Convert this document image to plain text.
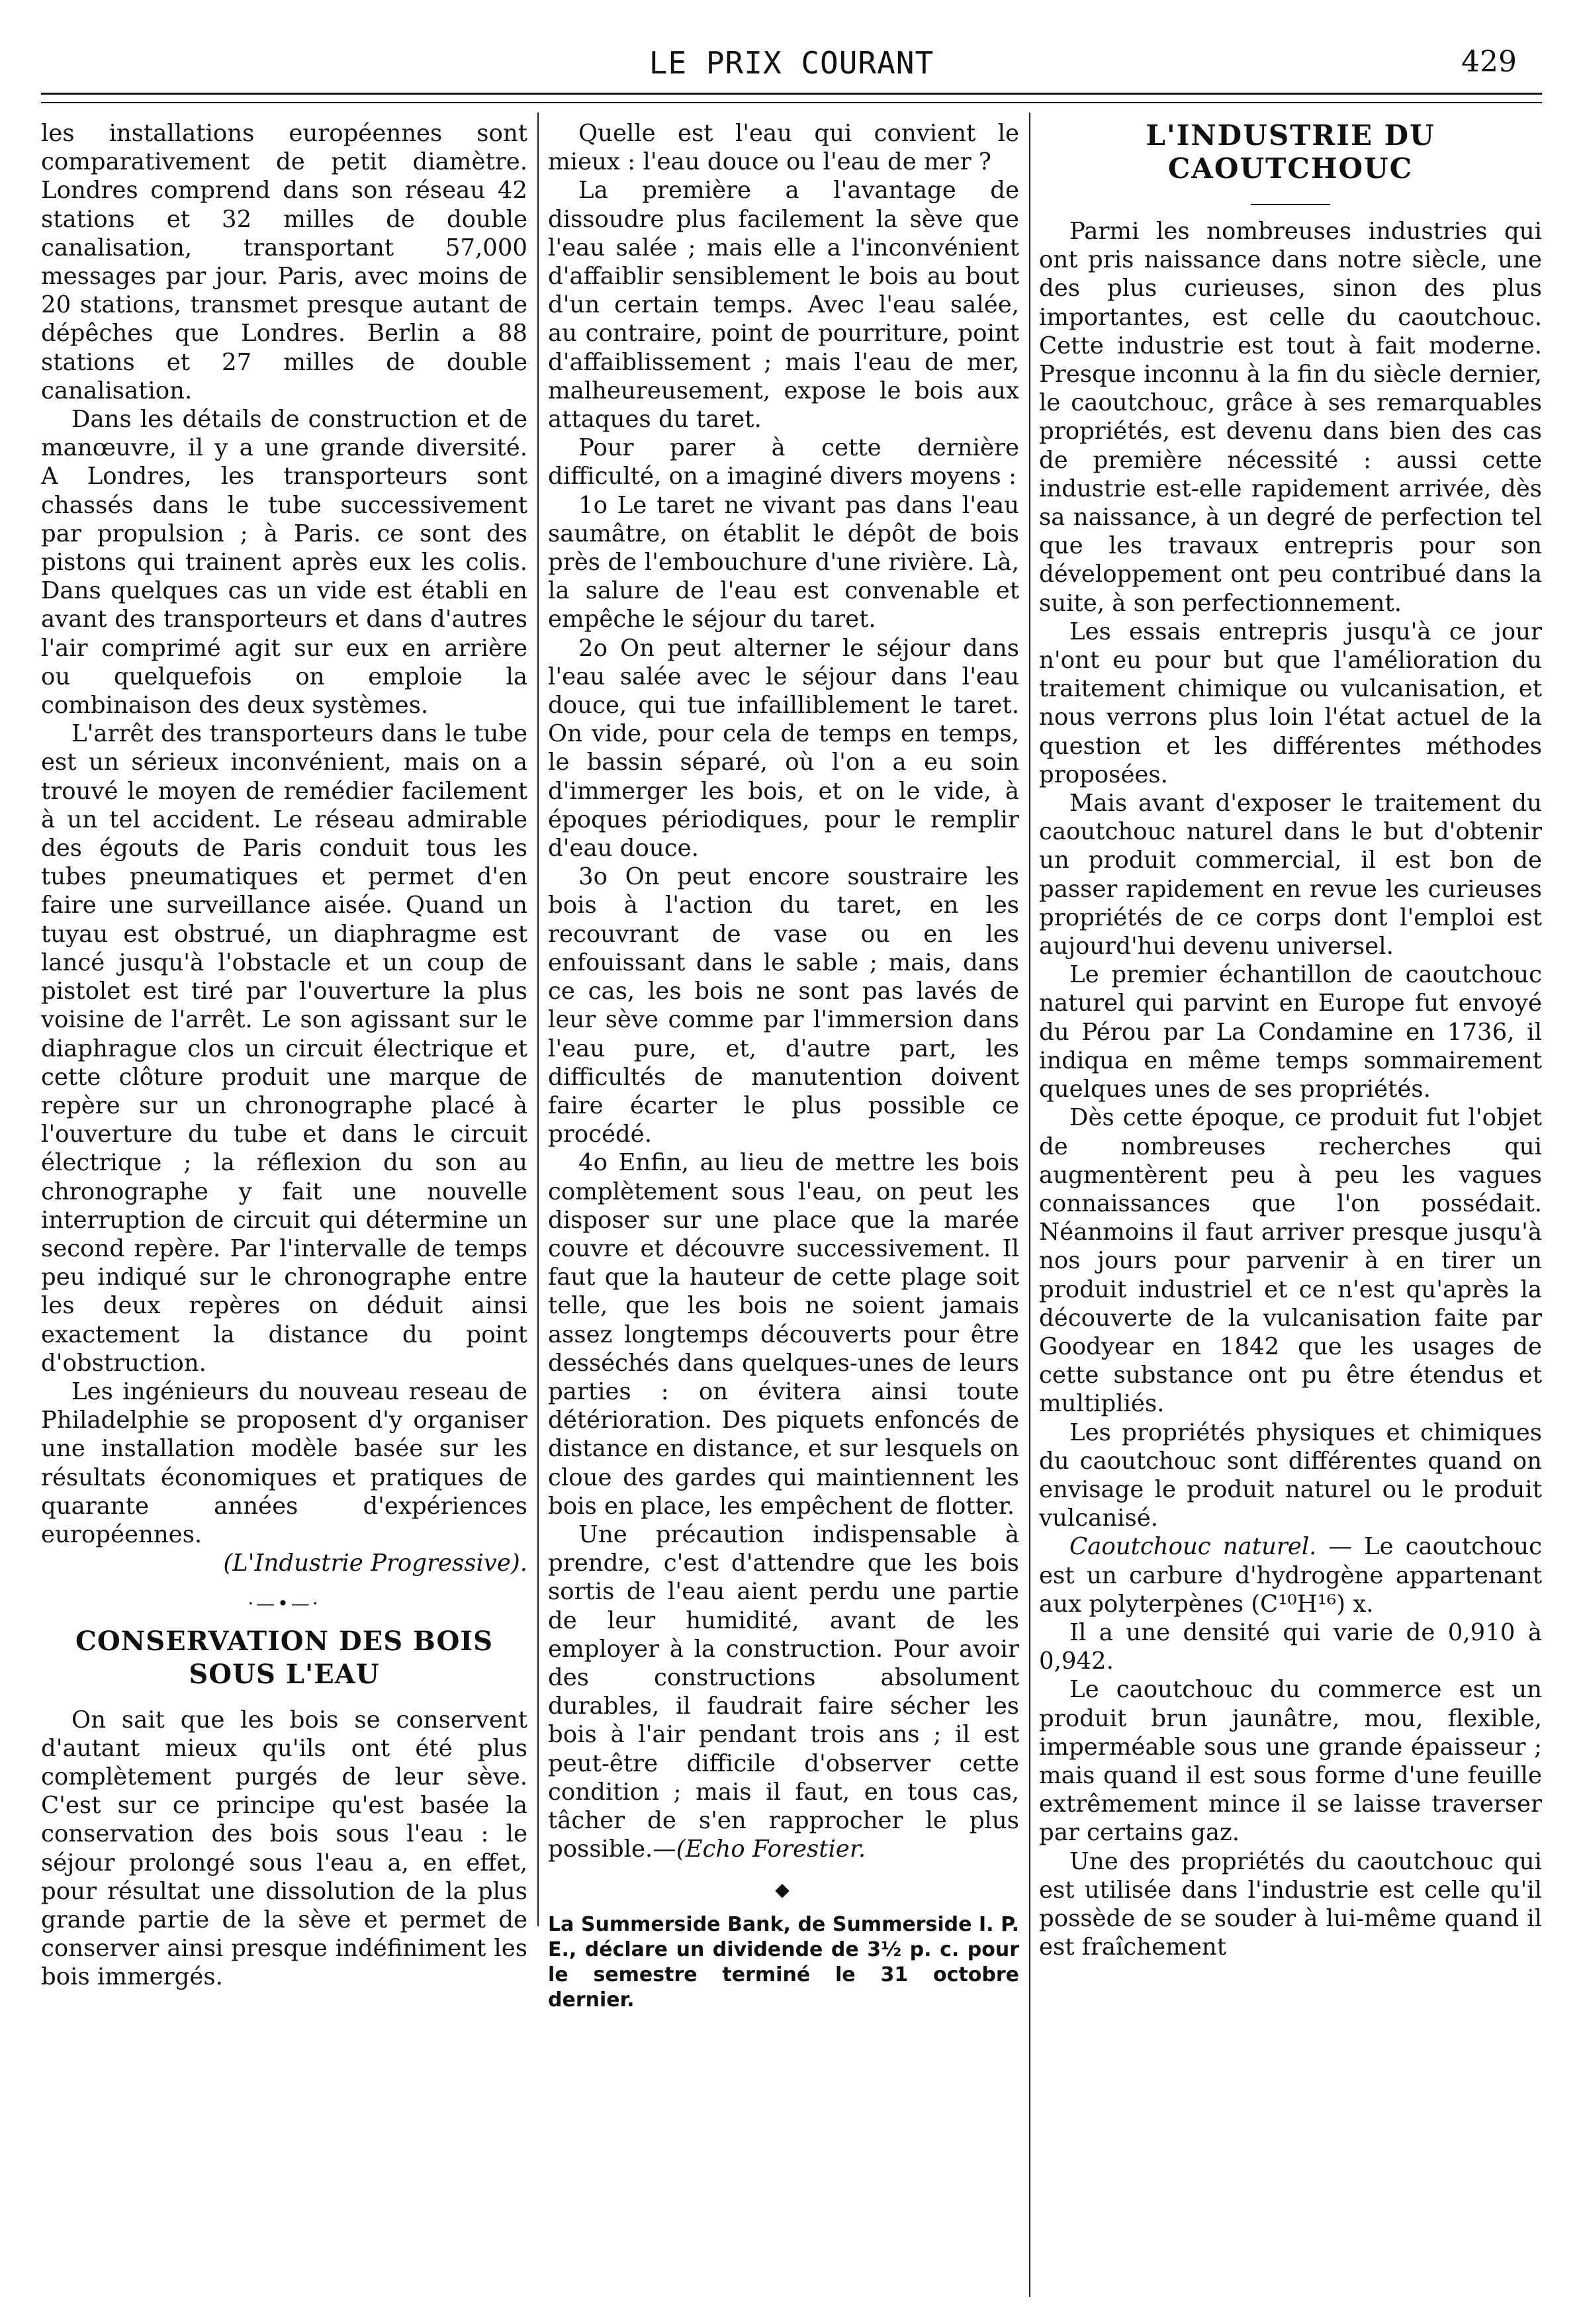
LE PRIX COURANT	429

les installations européennes sont comparativement de petit diamètre. Londres comprend dans son réseau 42 stations et 32 milles de double canalisation, transportant 57,000 messages par jour. Paris, avec moins de 20 stations, transmet presque autant de dépêches que Londres. Berlin a 88 stations et 27 milles de double canalisation.

Dans les détails de construction et de manœuvre, il y a une grande diversité. A Londres, les transporteurs sont chassés dans le tube successivement par propulsion ; à Paris. ce sont des pistons qui trainent après eux les colis. Dans quelques cas un vide est établi en avant des transporteurs et dans d'autres l'air comprimé agit sur eux en arrière ou quelquefois on emploie la combinaison des deux systèmes.

L'arrêt des transporteurs dans le tube est un sérieux inconvénient, mais on a trouvé le moyen de remédier facilement à un tel accident. Le réseau admirable des égouts de Paris conduit tous les tubes pneumatiques et permet d'en faire une surveillance aisée. Quand un tuyau est obstrué, un diaphragme est lancé jusqu'à l'obstacle et un coup de pistolet est tiré par l'ouverture la plus voisine de l'arrêt. Le son agissant sur le diaphrague clos un circuit électrique et cette clôture produit une marque de repère sur un chronographe placé à l'ouverture du tube et dans le circuit électrique ; la réflexion du son au chronographe y fait une nouvelle interruption de circuit qui détermine un second repère. Par l'intervalle de temps peu indiqué sur le chronographe entre les deux repères on déduit ainsi exactement la distance du point d'obstruction.

Les ingénieurs du nouveau reseau de Philadelphie se proposent d'y organiser une installation modèle basée sur les résultats économiques et pratiques de quarante années d'expériences européennes.

(L'Industrie Progressive).

·—•—·
CONSERVATION DES BOIS SOUS L'EAU

On sait que les bois se conservent d'autant mieux qu'ils ont été plus complètement purgés de leur sève. C'est sur ce principe qu'est basée la conservation des bois sous l'eau : le séjour prolongé sous l'eau a, en effet, pour résultat une dissolution de la plus grande partie de la sève et permet de conserver ainsi presque indéfiniment les bois immergés.

Quelle est l'eau qui convient le mieux : l'eau douce ou l'eau de mer ?

La première a l'avantage de dissoudre plus facilement la sève que l'eau salée ; mais elle a l'inconvénient d'affaiblir sensiblement le bois au bout d'un certain temps. Avec l'eau salée, au contraire, point de pourriture, point d'affaiblissement ; mais l'eau de mer, malheureusement, expose le bois aux attaques du taret.

Pour parer à cette dernière difficulté, on a imaginé divers moyens :

1o Le taret ne vivant pas dans l'eau saumâtre, on établit le dépôt de bois près de l'embouchure d'une rivière. Là, la salure de l'eau est convenable et empêche le séjour du taret.

2o On peut alterner le séjour dans l'eau salée avec le séjour dans l'eau douce, qui tue infailliblement le taret. On vide, pour cela de temps en temps, le bassin séparé, où l'on a eu soin d'immerger les bois, et on le vide, à époques périodiques, pour le remplir d'eau douce.

3o On peut encore soustraire les bois à l'action du taret, en les recouvrant de vase ou en les enfouissant dans le sable ; mais, dans ce cas, les bois ne sont pas lavés de leur sève comme par l'immersion dans l'eau pure, et, d'autre part, les difficultés de manutention doivent faire écarter le plus possible ce procédé.

4o Enfin, au lieu de mettre les bois complètement sous l'eau, on peut les disposer sur une place que la marée couvre et découvre successivement. Il faut que la hauteur de cette plage soit telle, que les bois ne soient jamais assez longtemps découverts pour être desséchés dans quelques-unes de leurs parties : on évitera ainsi toute détérioration. Des piquets enfoncés de distance en distance, et sur lesquels on cloue des gardes qui maintiennent les bois en place, les empêchent de flotter.

Une précaution indispensable à prendre, c'est d'attendre que les bois sortis de l'eau aient perdu une partie de leur humidité, avant de les employer à la construction. Pour avoir des constructions absolument durables, il faudrait faire sécher les bois à l'air pendant trois ans ; il est peut-être difficile d'observer cette condition ; mais il faut, en tous cas, tâcher de s'en rapprocher le plus possible.—(Echo Forestier.

◆

La Summerside Bank, de Summerside I. P. E., déclare un dividende de 3½ p. c. pour le semestre terminé le 31 octobre dernier.

L'INDUSTRIE DU CAOUTCHOUC

Parmi les nombreuses industries qui ont pris naissance dans notre siècle, une des plus curieuses, sinon des plus importantes, est celle du caoutchouc. Cette industrie est tout à fait moderne. Presque inconnu à la fin du siècle dernier, le caoutchouc, grâce à ses remarquables propriétés, est devenu dans bien des cas de première nécessité : aussi cette industrie est-elle rapidement arrivée, dès sa naissance, à un degré de perfection tel que les travaux entrepris pour son développement ont peu contribué dans la suite, à son perfectionnement.

Les essais entrepris jusqu'à ce jour n'ont eu pour but que l'amélioration du traitement chimique ou vulcanisation, et nous verrons plus loin l'état actuel de la question et les différentes méthodes proposées.

Mais avant d'exposer le traitement du caoutchouc naturel dans le but d'obtenir un produit commercial, il est bon de passer rapidement en revue les curieuses propriétés de ce corps dont l'emploi est aujourd'hui devenu universel.

Le premier échantillon de caoutchouc naturel qui parvint en Europe fut envoyé du Pérou par La Condamine en 1736, il indiqua en même temps sommairement quelques unes de ses propriétés.

Dès cette époque, ce produit fut l'objet de nombreuses recherches qui augmentèrent peu à peu les vagues connaissances que l'on possédait. Néanmoins il faut arriver presque jusqu'à nos jours pour parvenir à en tirer un produit industriel et ce n'est qu'après la découverte de la vulcanisation faite par Goodyear en 1842 que les usages de cette substance ont pu être étendus et multipliés.

Les propriétés physiques et chimiques du caoutchouc sont différentes quand on envisage le produit naturel ou le produit vulcanisé.

Caoutchouc naturel. — Le caoutchouc est un carbure d'hydrogène appartenant aux polyterpènes (C¹⁰H¹⁶) x.

Il a une densité qui varie de 0,910 à 0,942.

Le caoutchouc du commerce est un produit brun jaunâtre, mou, flexible, imperméable sous une grande épaisseur ; mais quand il est sous forme d'une feuille extrêmement mince il se laisse traverser par certains gaz.

Une des propriétés du caoutchouc qui est utilisée dans l'industrie est celle qu'il possède de se souder à lui-même quand il est fraîchement
